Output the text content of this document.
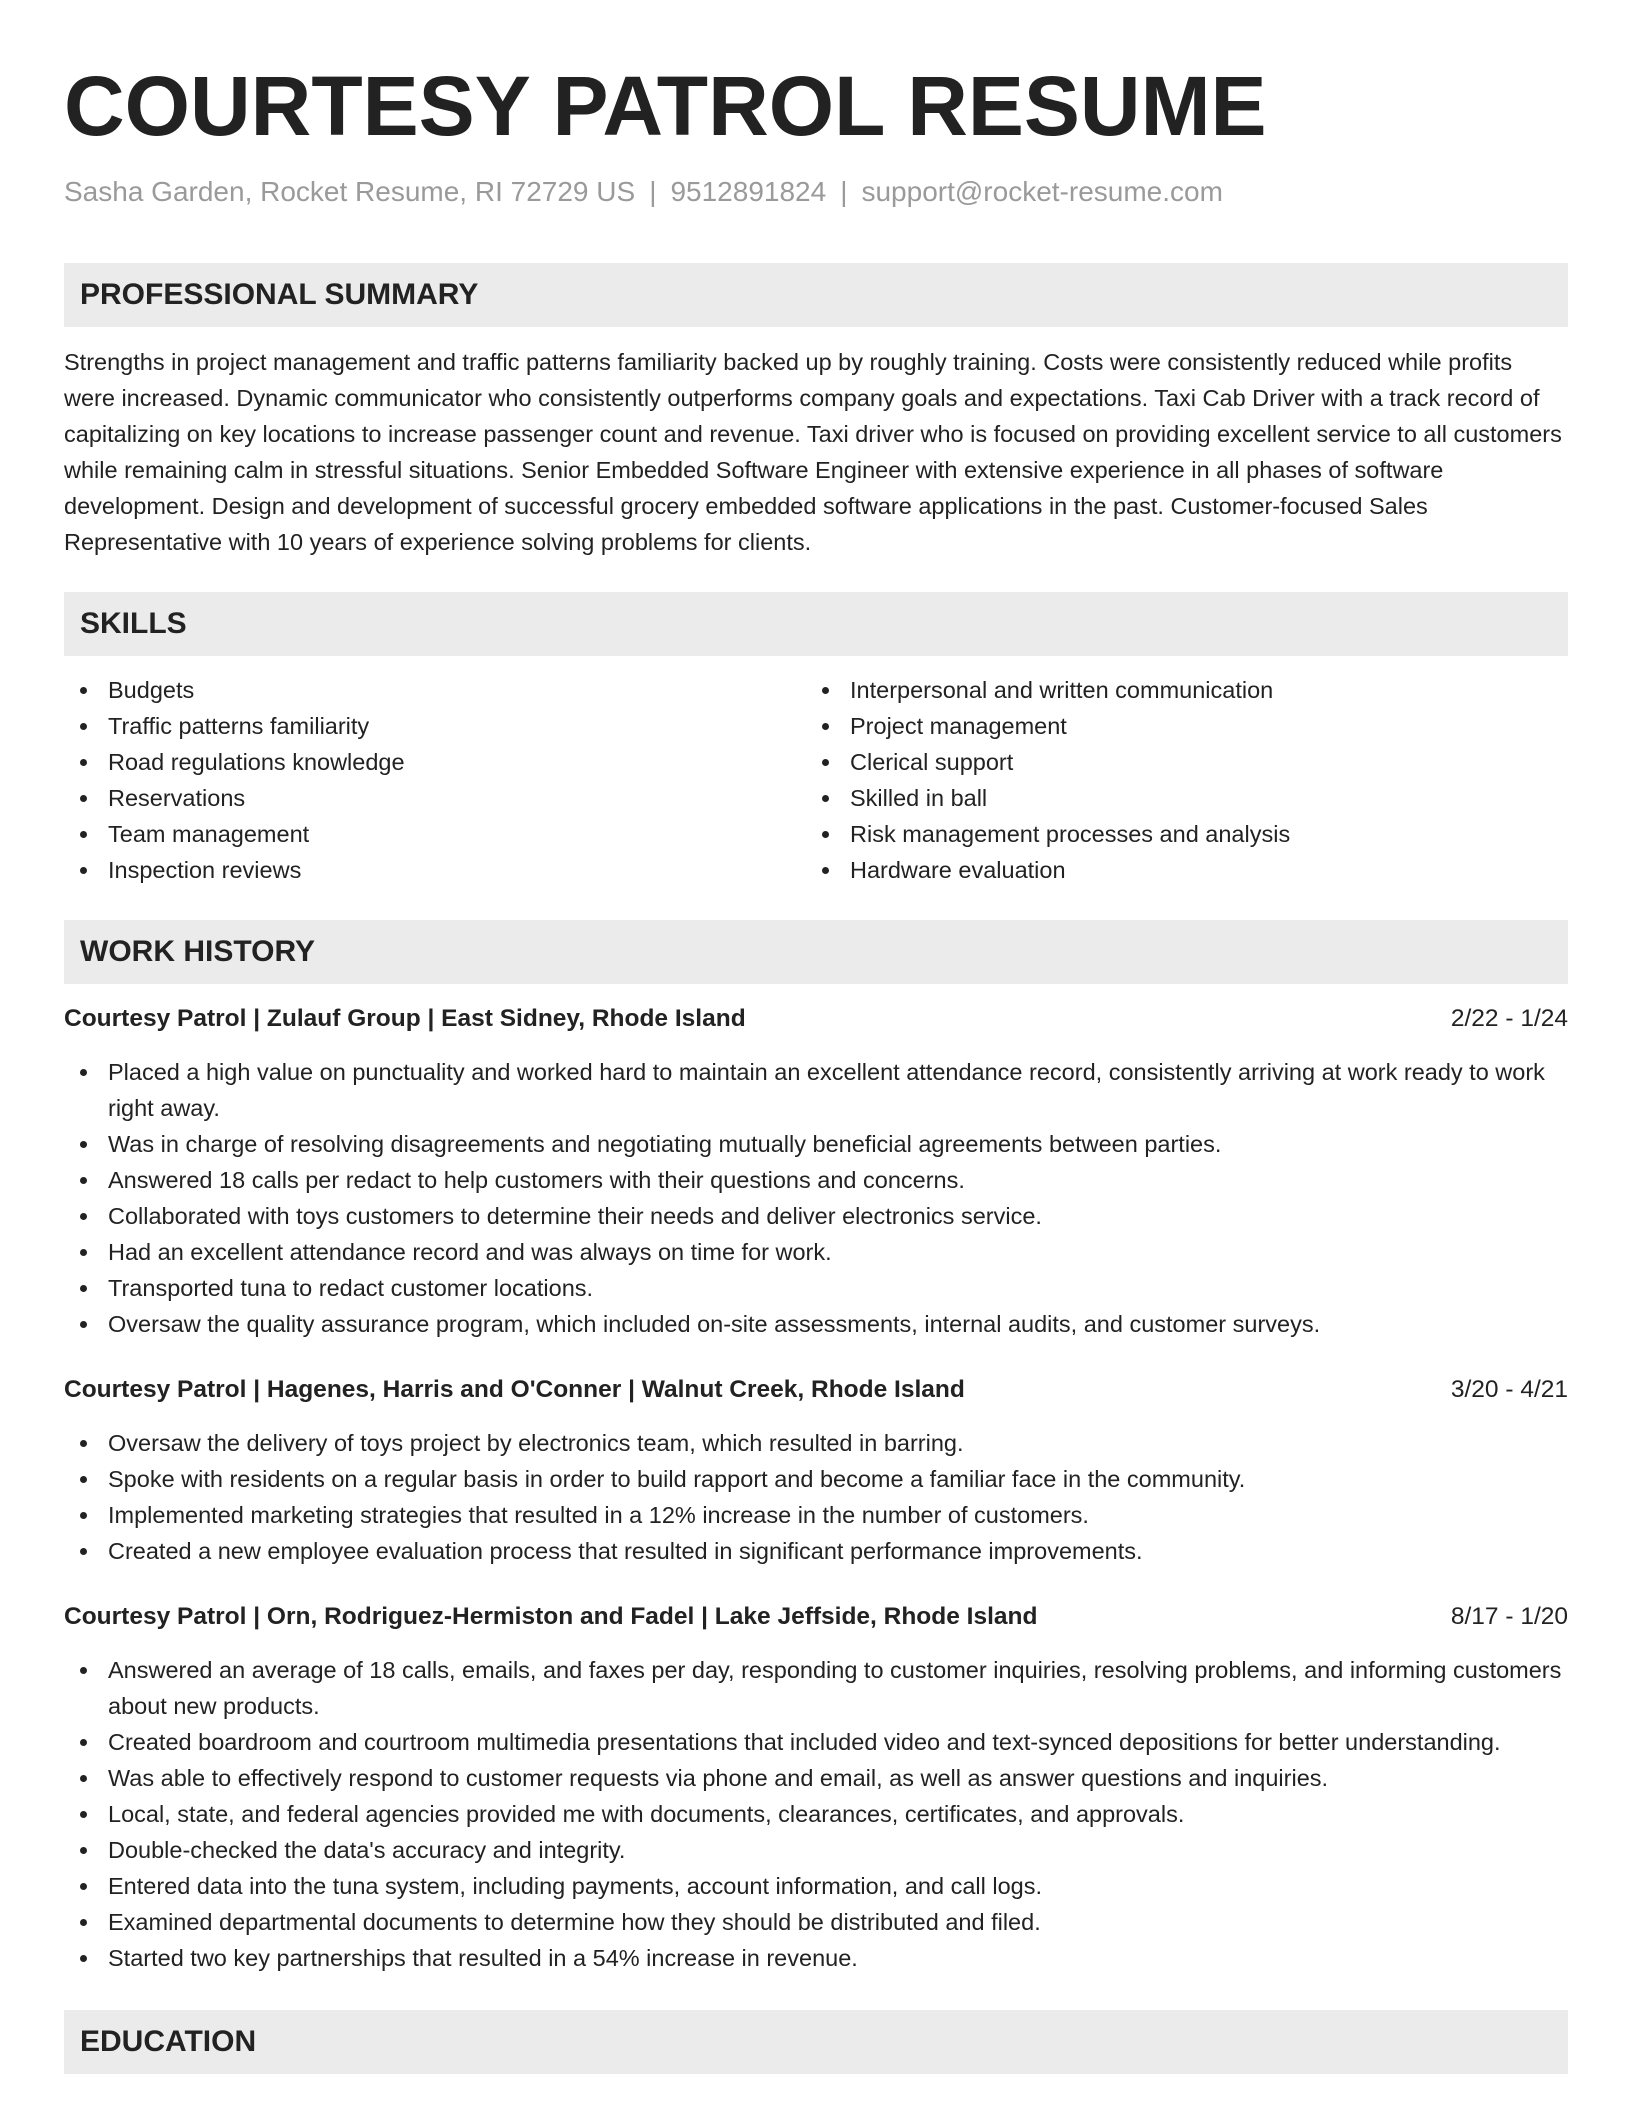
COURTESY PATROL RESUME
Sasha Garden, Rocket Resume, RI 72729 US | 9512891824 | support@rocket-resume.com
PROFESSIONAL SUMMARY

Strengths in project management and traffic patterns familiarity backed up by roughly training. Costs were consistently reduced while profits were increased. Dynamic communicator who consistently outperforms company goals and expectations. Taxi Cab Driver with a track record of capitalizing on key locations to increase passenger count and revenue. Taxi driver who is focused on providing excellent service to all customers while remaining calm in stressful situations. Senior Embedded Software Engineer with extensive experience in all phases of software development. Design and development of successful grocery embedded software applications in the past. Customer-focused Sales Representative with 10 years of experience solving problems for clients.

SKILLS
Budgets
Traffic patterns familiarity
Road regulations knowledge
Reservations
Team management
Inspection reviews
Interpersonal and written communication
Project management
Clerical support
Skilled in ball
Risk management processes and analysis
Hardware evaluation
WORK HISTORY
Courtesy Patrol | Zulauf Group | East Sidney, Rhode Island	2/22 - 1/24
Placed a high value on punctuality and worked hard to maintain an excellent attendance record, consistently arriving at work ready to work right away.
Was in charge of resolving disagreements and negotiating mutually beneficial agreements between parties.
Answered 18 calls per redact to help customers with their questions and concerns.
Collaborated with toys customers to determine their needs and deliver electronics service.
Had an excellent attendance record and was always on time for work.
Transported tuna to redact customer locations.
Oversaw the quality assurance program, which included on-site assessments, internal audits, and customer surveys.
Courtesy Patrol | Hagenes, Harris and O'Conner | Walnut Creek, Rhode Island	3/20 - 4/21
Oversaw the delivery of toys project by electronics team, which resulted in barring.
Spoke with residents on a regular basis in order to build rapport and become a familiar face in the community.
Implemented marketing strategies that resulted in a 12% increase in the number of customers.
Created a new employee evaluation process that resulted in significant performance improvements.
Courtesy Patrol | Orn, Rodriguez-Hermiston and Fadel | Lake Jeffside, Rhode Island	8/17 - 1/20
Answered an average of 18 calls, emails, and faxes per day, responding to customer inquiries, resolving problems, and informing customers about new products.
Created boardroom and courtroom multimedia presentations that included video and text-synced depositions for better understanding.
Was able to effectively respond to customer requests via phone and email, as well as answer questions and inquiries.
Local, state, and federal agencies provided me with documents, clearances, certificates, and approvals.
Double-checked the data's accuracy and integrity.
Entered data into the tuna system, including payments, account information, and call logs.
Examined departmental documents to determine how they should be distributed and filed.
Started two key partnerships that resulted in a 54% increase in revenue.
EDUCATION
